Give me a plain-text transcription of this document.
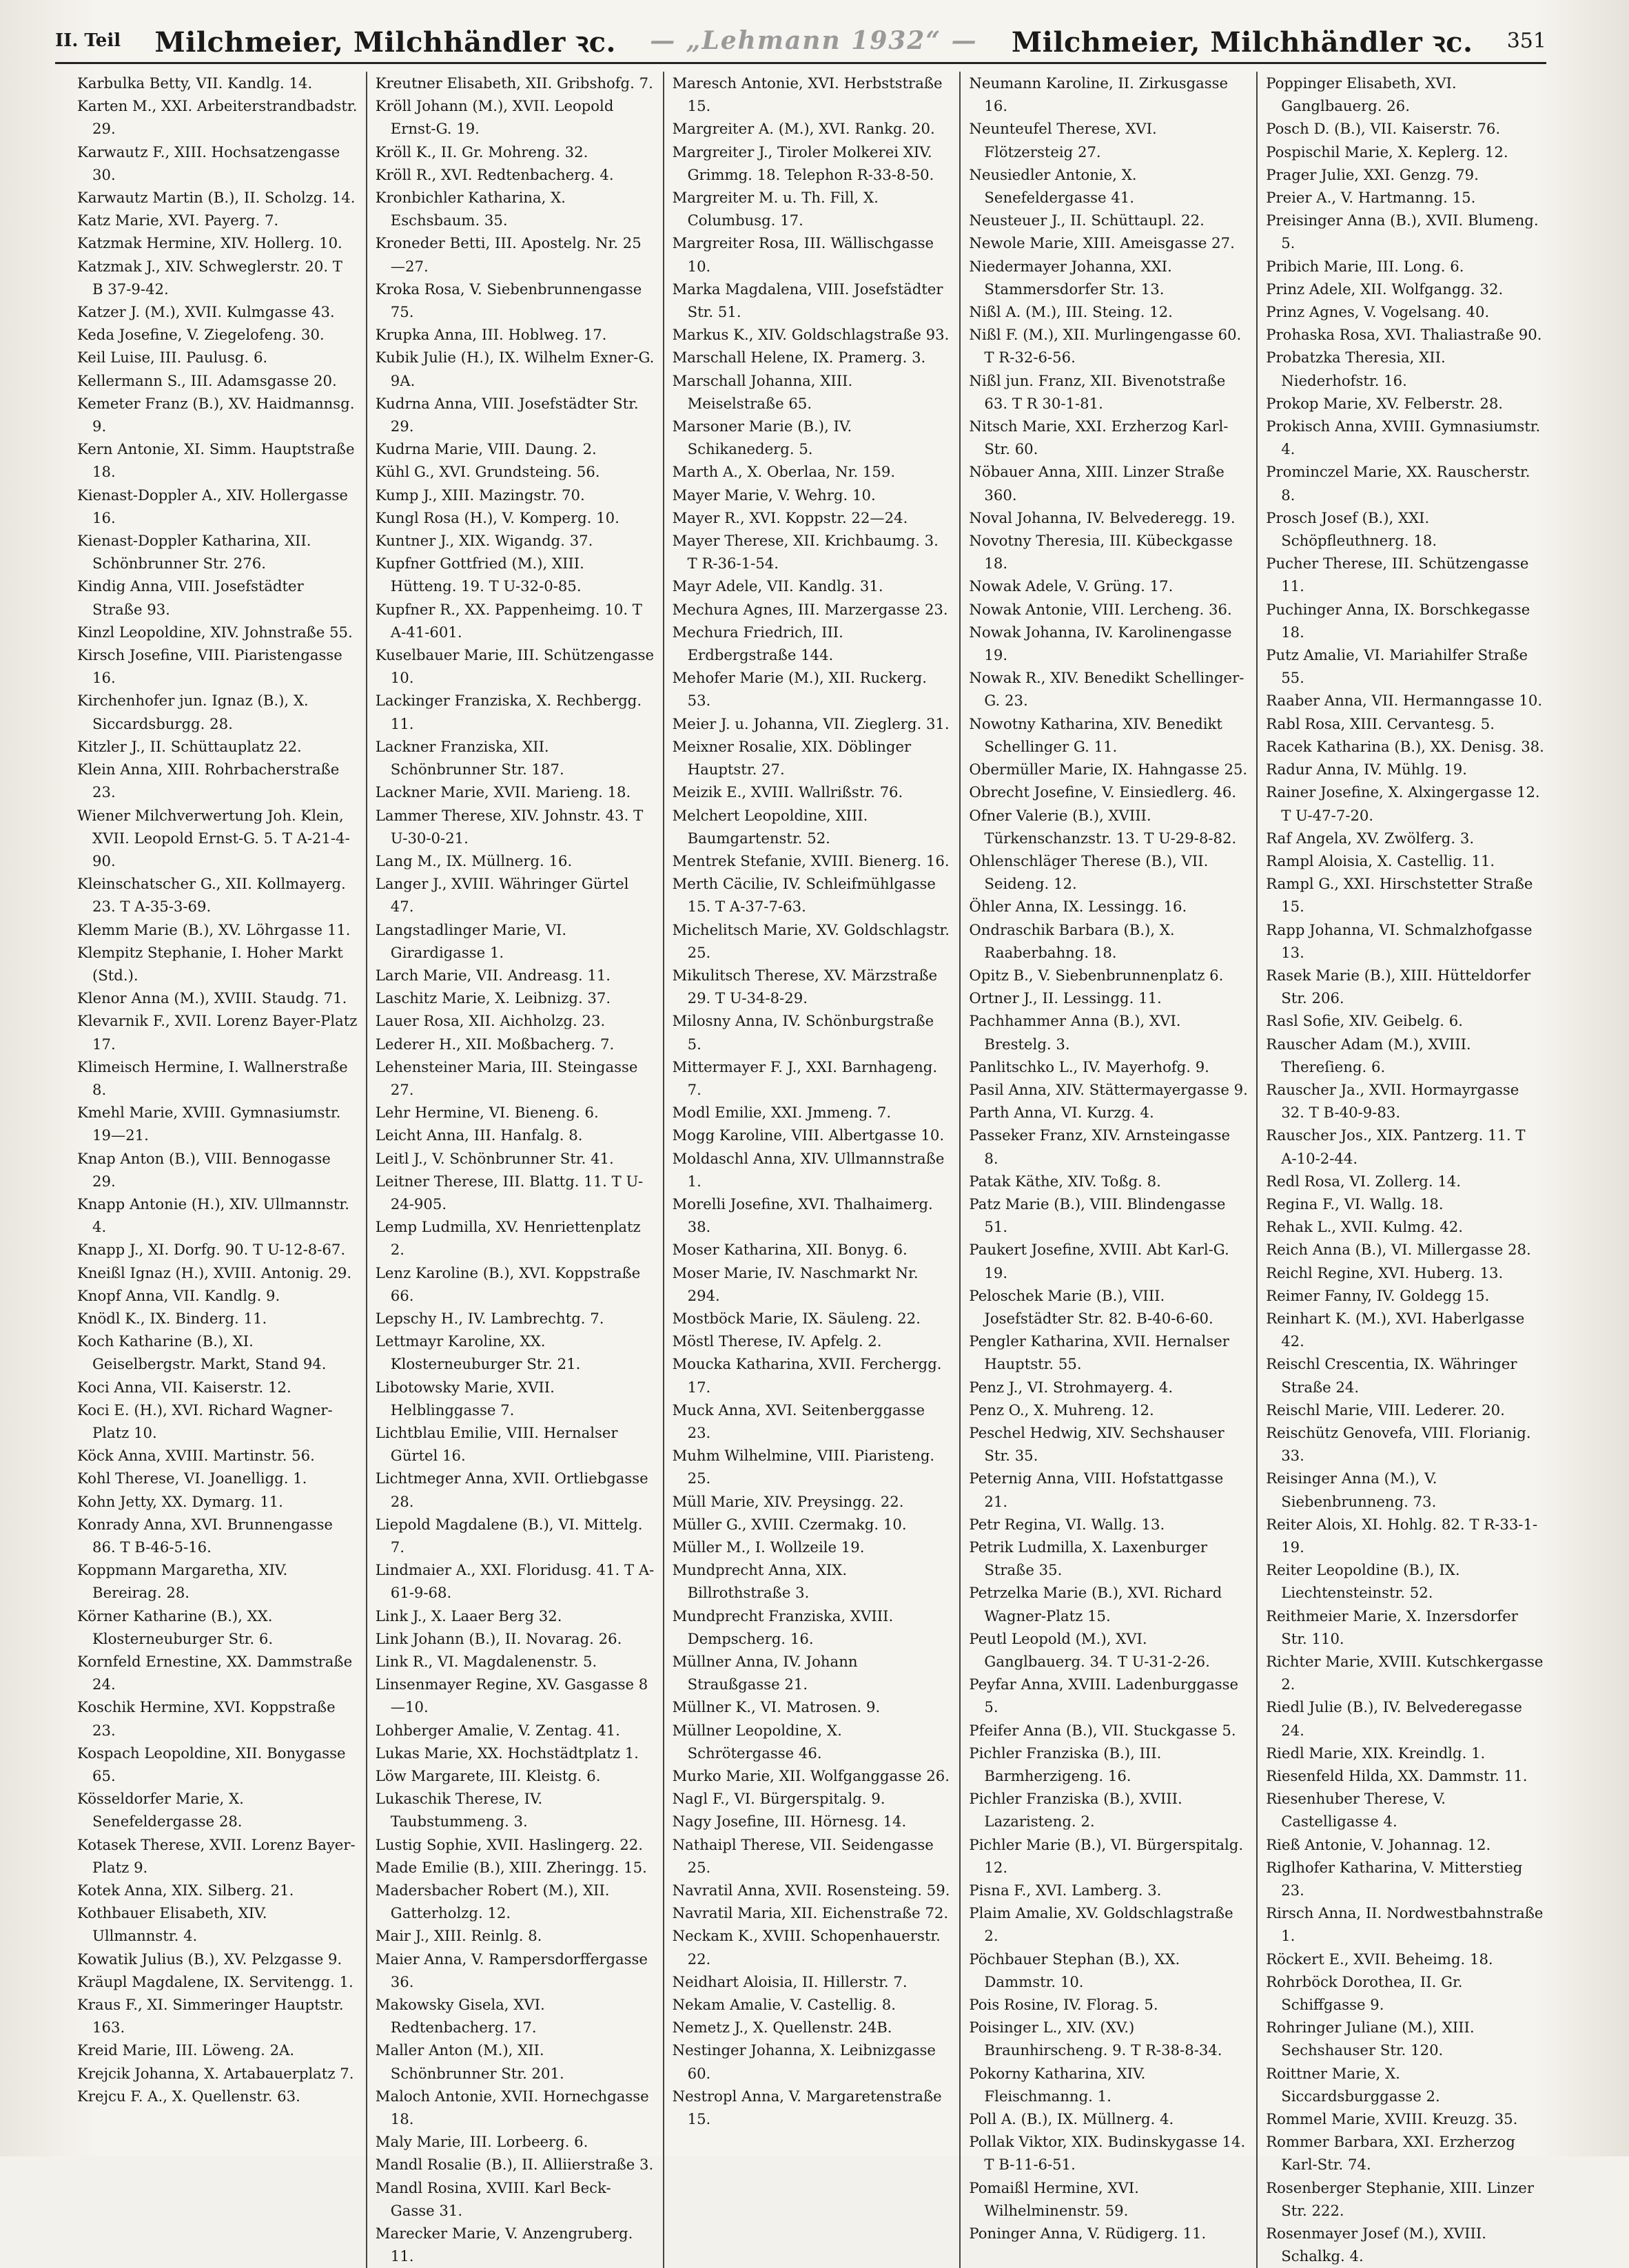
II. Teil Milchmeier, Milchhändler ꝛc. — „Lehmann 1932“ — Milchmeier, Milchhändler ꝛc. 351

Karbulka Betty, VII. Kandlg. 14.

Karten M., XXI. Arbeiterstrandbadstr. 29.

Karwautz F., XIII. Hochsatzengasse 30.

Karwautz Martin (B.), II. Scholzg. 14.

Katz Marie, XVI. Payerg. 7.

Katzmak Hermine, XIV. Hollerg. 10.

Katzmak J., XIV. Schweglerstr. 20. T B 37-9-42.

Katzer J. (M.), XVII. Kulmgasse 43.

Keda Josefine, V. Ziegelofeng. 30.

Keil Luise, III. Paulusg. 6.

Kellermann S., III. Adamsgasse 20.

Kemeter Franz (B.), XV. Haidmannsg. 9.

Kern Antonie, XI. Simm. Hauptstraße 18.

Kienast-Doppler A., XIV. Hollergasse 16.

Kienast-Doppler Katharina, XII. Schönbrunner Str. 276.

Kindig Anna, VIII. Josefstädter Straße 93.

Kinzl Leopoldine, XIV. Johnstraße 55.

Kirsch Josefine, VIII. Piaristengasse 16.

Kirchenhofer jun. Ignaz (B.), X. Siccardsburgg. 28.

Kitzler J., II. Schüttauplatz 22.

Klein Anna, XIII. Rohrbacherstraße 23.

Wiener Milchverwertung Joh. Klein, XVII. Leopold Ernst-G. 5. T A-21-4-90.

Kleinschatscher G., XII. Kollmayerg. 23. T A-35-3-69.

Klemm Marie (B.), XV. Löhrgasse 11.

Klempitz Stephanie, I. Hoher Markt (Std.).

Klenor Anna (M.), XVIII. Staudg. 71.

Klevarnik F., XVII. Lorenz Bayer-Platz 17.

Klimeisch Hermine, I. Wallnerstraße 8.

Kmehl Marie, XVIII. Gymnasiumstr. 19—21.

Knap Anton (B.), VIII. Bennogasse 29.

Knapp Antonie (H.), XIV. Ullmannstr. 4.

Knapp J., XI. Dorfg. 90. T U-12-8-67.

Kneißl Ignaz (H.), XVIII. Antonig. 29.

Knopf Anna, VII. Kandlg. 9.

Knödl K., IX. Binderg. 11.

Koch Katharine (B.), XI. Geiselbergstr. Markt, Stand 94.

Koci Anna, VII. Kaiserstr. 12.

Koci E. (H.), XVI. Richard Wagner-Platz 10.

Köck Anna, XVIII. Martinstr. 56.

Kohl Therese, VI. Joanelligg. 1.

Kohn Jetty, XX. Dymarg. 11.

Konrady Anna, XVI. Brunnengasse 86. T B-46-5-16.

Koppmann Margaretha, XIV. Bereirag. 28.

Körner Katharine (B.), XX. Klosterneuburger Str. 6.

Kornfeld Ernestine, XX. Dammstraße 24.

Koschik Hermine, XVI. Koppstraße 23.

Kospach Leopoldine, XII. Bonygasse 65.

Kösseldorfer Marie, X. Senefeldergasse 28.

Kotasek Therese, XVII. Lorenz Bayer-Platz 9.

Kotek Anna, XIX. Silberg. 21.

Kothbauer Elisabeth, XIV. Ullmannstr. 4.

Kowatik Julius (B.), XV. Pelzgasse 9.

Kräupl Magdalene, IX. Servitengg. 1.

Kraus F., XI. Simmeringer Hauptstr. 163.

Kreid Marie, III. Löweng. 2A.

Krejcik Johanna, X. Artabauerplatz 7.

Krejcu F. A., X. Quellenstr. 63.

Kreutner Elisabeth, XII. Gribshofg. 7.

Kröll Johann (M.), XVII. Leopold Ernst-G. 19.

Kröll K., II. Gr. Mohreng. 32.

Kröll R., XVI. Redtenbacherg. 4.

Kronbichler Katharina, X. Eschsbaum. 35.

Kroneder Betti, III. Apostelg. Nr. 25—27.

Kroka Rosa, V. Siebenbrunnengasse 75.

Krupka Anna, III. Hoblweg. 17.

Kubik Julie (H.), IX. Wilhelm Exner-G. 9A.

Kudrna Anna, VIII. Josefstädter Str. 29.

Kudrna Marie, VIII. Daung. 2.

Kühl G., XVI. Grundsteing. 56.

Kump J., XIII. Mazingstr. 70.

Kungl Rosa (H.), V. Komperg. 10.

Kuntner J., XIX. Wigandg. 37.

Kupfner Gottfried (M.), XIII. Hütteng. 19. T U-32-0-85.

Kupfner R., XX. Pappenheimg. 10. T A-41-601.

Kuselbauer Marie, III. Schützengasse 10.

Lackinger Franziska, X. Rechbergg. 11.

Lackner Franziska, XII. Schönbrunner Str. 187.

Lackner Marie, XVII. Marieng. 18.

Lammer Therese, XIV. Johnstr. 43. T U-30-0-21.

Lang M., IX. Müllnerg. 16.

Langer J., XVIII. Währinger Gürtel 47.

Langstadlinger Marie, VI. Girardigasse 1.

Larch Marie, VII. Andreasg. 11.

Laschitz Marie, X. Leibnizg. 37.

Lauer Rosa, XII. Aichholzg. 23.

Lederer H., XII. Moßbacherg. 7.

Lehensteiner Maria, III. Steingasse 27.

Lehr Hermine, VI. Bieneng. 6.

Leicht Anna, III. Hanfalg. 8.

Leitl J., V. Schönbrunner Str. 41.

Leitner Therese, III. Blattg. 11. T U-24-905.

Lemp Ludmilla, XV. Henriettenplatz 2.

Lenz Karoline (B.), XVI. Koppstraße 66.

Lepschy H., IV. Lambrechtg. 7.

Lettmayr Karoline, XX. Klosterneuburger Str. 21.

Libotowsky Marie, XVII. Helblinggasse 7.

Lichtblau Emilie, VIII. Hernalser Gürtel 16.

Lichtmeger Anna, XVII. Ortliebgasse 28.

Liepold Magdalene (B.), VI. Mittelg. 7.

Lindmaier A., XXI. Floridusg. 41. T A-61-9-68.

Link J., X. Laaer Berg 32.

Link Johann (B.), II. Novarag. 26.

Link R., VI. Magdalenenstr. 5.

Linsenmayer Regine, XV. Gasgasse 8—10.

Lohberger Amalie, V. Zentag. 41.

Lukas Marie, XX. Hochstädtplatz 1.

Löw Margarete, III. Kleistg. 6.

Lukaschik Therese, IV. Taubstummeng. 3.

Lustig Sophie, XVII. Haslingerg. 22.

Made Emilie (B.), XIII. Zheringg. 15.

Madersbacher Robert (M.), XII. Gatterholzg. 12.

Mair J., XIII. Reinlg. 8.

Maier Anna, V. Rampersdorffergasse 36.

Makowsky Gisela, XVI. Redtenbacherg. 17.

Maller Anton (M.), XII. Schönbrunner Str. 201.

Maloch Antonie, XVII. Hornechgasse 18.

Maly Marie, III. Lorbeerg. 6.

Mandl Rosalie (B.), II. Alliierstraße 3.

Mandl Rosina, XVIII. Karl Beck-Gasse 31.

Marecker Marie, V. Anzengruberg. 11.

Maresch Antonie, XVI. Herbststraße 15.

Margreiter A. (M.), XVI. Rankg. 20.

Margreiter J., Tiroler Molkerei XIV. Grimmg. 18. Telephon R-33-8-50.

Margreiter M. u. Th. Fill, X. Columbusg. 17.

Margreiter Rosa, III. Wällischgasse 10.

Marka Magdalena, VIII. Josefstädter Str. 51.

Markus K., XIV. Goldschlagstraße 93.

Marschall Helene, IX. Pramerg. 3.

Marschall Johanna, XIII. Meiselstraße 65.

Marsoner Marie (B.), IV. Schikanederg. 5.

Marth A., X. Oberlaa, Nr. 159.

Mayer Marie, V. Wehrg. 10.

Mayer R., XVI. Koppstr. 22—24.

Mayer Therese, XII. Krichbaumg. 3. T R-36-1-54.

Mayr Adele, VII. Kandlg. 31.

Mechura Agnes, III. Marzergasse 23.

Mechura Friedrich, III. Erdbergstraße 144.

Mehofer Marie (M.), XII. Ruckerg. 53.

Meier J. u. Johanna, VII. Zieglerg. 31.

Meixner Rosalie, XIX. Döblinger Hauptstr. 27.

Meizik E., XVIII. Wallrißstr. 76.

Melchert Leopoldine, XIII. Baumgartenstr. 52.

Mentrek Stefanie, XVIII. Bienerg. 16.

Merth Cäcilie, IV. Schleifmühlgasse 15. T A-37-7-63.

Michelitsch Marie, XV. Goldschlagstr. 25.

Mikulitsch Therese, XV. Märzstraße 29. T U-34-8-29.

Milosny Anna, IV. Schönburgstraße 5.

Mittermayer F. J., XXI. Barnhageng. 7.

Modl Emilie, XXI. Jmmeng. 7.

Mogg Karoline, VIII. Albertgasse 10.

Moldaschl Anna, XIV. Ullmannstraße 1.

Morelli Josefine, XVI. Thalhaimerg. 38.

Moser Katharina, XII. Bonyg. 6.

Moser Marie, IV. Naschmarkt Nr. 294.

Mostböck Marie, IX. Säuleng. 22.

Möstl Therese, IV. Apfelg. 2.

Moucka Katharina, XVII. Ferchergg. 17.

Muck Anna, XVI. Seitenberggasse 23.

Muhm Wilhelmine, VIII. Piaristeng. 25.

Müll Marie, XIV. Preysingg. 22.

Müller G., XVIII. Czermakg. 10.

Müller M., I. Wollzeile 19.

Mundprecht Anna, XIX. Billrothstraße 3.

Mundprecht Franziska, XVIII. Dempscherg. 16.

Müllner Anna, IV. Johann Straußgasse 21.

Müllner K., VI. Matrosen. 9.

Müllner Leopoldine, X. Schrötergasse 46.

Murko Marie, XII. Wolfganggasse 26.

Nagl F., VI. Bürgerspitalg. 9.

Nagy Josefine, III. Hörnesg. 14.

Nathaipl Therese, VII. Seidengasse 25.

Navratil Anna, XVII. Rosensteing. 59.

Navratil Maria, XII. Eichenstraße 72.

Neckam K., XVIII. Schopenhauerstr. 22.

Neidhart Aloisia, II. Hillerstr. 7.

Nekam Amalie, V. Castellig. 8.

Nemetz J., X. Quellenstr. 24B.

Nestinger Johanna, X. Leibnizgasse 60.

Nestropl Anna, V. Margaretenstraße 15.

Neumann Karoline, II. Zirkusgasse 16.

Neunteufel Therese, XVI. Flötzersteig 27.

Neusiedler Antonie, X. Senefeldergasse 41.

Neusteuer J., II. Schüttaupl. 22.

Newole Marie, XIII. Ameisgasse 27.

Niedermayer Johanna, XXI. Stammersdorfer Str. 13.

Nißl A. (M.), III. Steing. 12.

Nißl F. (M.), XII. Murlingengasse 60. T R-32-6-56.

Nißl jun. Franz, XII. Bivenotstraße 63. T R 30-1-81.

Nitsch Marie, XXI. Erzherzog Karl-Str. 60.

Nöbauer Anna, XIII. Linzer Straße 360.

Noval Johanna, IV. Belvederegg. 19.

Novotny Theresia, III. Kübeckgasse 18.

Nowak Adele, V. Grüng. 17.

Nowak Antonie, VIII. Lercheng. 36.

Nowak Johanna, IV. Karolinengasse 19.

Nowak R., XIV. Benedikt Schellinger-G. 23.

Nowotny Katharina, XIV. Benedikt Schellinger G. 11.

Obermüller Marie, IX. Hahngasse 25.

Obrecht Josefine, V. Einsiedlerg. 46.

Ofner Valerie (B.), XVIII. Türkenschanzstr. 13. T U-29-8-82.

Ohlenschläger Therese (B.), VII. Seideng. 12.

Öhler Anna, IX. Lessingg. 16.

Ondraschik Barbara (B.), X. Raaberbahng. 18.

Opitz B., V. Siebenbrunnenplatz 6.

Ortner J., II. Lessingg. 11.

Pachhammer Anna (B.), XVI. Brestelg. 3.

Panlitschko L., IV. Mayerhofg. 9.

Pasil Anna, XIV. Stättermayergasse 9.

Parth Anna, VI. Kurzg. 4.

Passeker Franz, XIV. Arnsteingasse 8.

Patak Käthe, XIV. Toßg. 8.

Patz Marie (B.), VIII. Blindengasse 51.

Paukert Josefine, XVIII. Abt Karl-G. 19.

Peloschek Marie (B.), VIII. Josefstädter Str. 82. B-40-6-60.

Pengler Katharina, XVII. Hernalser Hauptstr. 55.

Penz J., VI. Strohmayerg. 4.

Penz O., X. Muhreng. 12.

Peschel Hedwig, XIV. Sechshauser Str. 35.

Peternig Anna, VIII. Hofstattgasse 21.

Petr Regina, VI. Wallg. 13.

Petrik Ludmilla, X. Laxenburger Straße 35.

Petrzelka Marie (B.), XVI. Richard Wagner-Platz 15.

Peutl Leopold (M.), XVI. Ganglbauerg. 34. T U-31-2-26.

Peyfar Anna, XVIII. Ladenburggasse 5.

Pfeifer Anna (B.), VII. Stuckgasse 5.

Pichler Franziska (B.), III. Barmherzigeng. 16.

Pichler Franziska (B.), XVIII. Lazaristeng. 2.

Pichler Marie (B.), VI. Bürgerspitalg. 12.

Pisna F., XVI. Lamberg. 3.

Plaim Amalie, XV. Goldschlagstraße 2.

Pöchbauer Stephan (B.), XX. Dammstr. 10.

Pois Rosine, IV. Florag. 5.

Poisinger L., XIV. (XV.) Braunhirscheng. 9. T R-38-8-34.

Pokorny Katharina, XIV. Fleischmanng. 1.

Poll A. (B.), IX. Müllnerg. 4.

Pollak Viktor, XIX. Budinskygasse 14. T B-11-6-51.

Pomaißl Hermine, XVI. Wilhelminenstr. 59.

Poninger Anna, V. Rüdigerg. 11.

Poppinger Elisabeth, XVI. Ganglbauerg. 26.

Posch D. (B.), VII. Kaiserstr. 76.

Pospischil Marie, X. Keplerg. 12.

Prager Julie, XXI. Genzg. 79.

Preier A., V. Hartmanng. 15.

Preisinger Anna (B.), XVII. Blumeng. 5.

Pribich Marie, III. Long. 6.

Prinz Adele, XII. Wolfgangg. 32.

Prinz Agnes, V. Vogelsang. 40.

Prohaska Rosa, XVI. Thaliastraße 90.

Probatzka Theresia, XII. Niederhofstr. 16.

Prokop Marie, XV. Felberstr. 28.

Prokisch Anna, XVIII. Gymnasiumstr. 4.

Prominczel Marie, XX. Rauscherstr. 8.

Prosch Josef (B.), XXI. Schöpfleuthnerg. 18.

Pucher Therese, III. Schützengasse 11.

Puchinger Anna, IX. Borschkegasse 18.

Putz Amalie, VI. Mariahilfer Straße 55.

Raaber Anna, VII. Hermanngasse 10.

Rabl Rosa, XIII. Cervantesg. 5.

Racek Katharina (B.), XX. Denisg. 38.

Radur Anna, IV. Mühlg. 19.

Rainer Josefine, X. Alxingergasse 12. T U-47-7-20.

Raf Angela, XV. Zwölferg. 3.

Rampl Aloisia, X. Castellig. 11.

Rampl G., XXI. Hirschstetter Straße 15.

Rapp Johanna, VI. Schmalzhofgasse 13.

Rasek Marie (B.), XIII. Hütteldorfer Str. 206.

Rasl Sofie, XIV. Geibelg. 6.

Rauscher Adam (M.), XVIII. Thereſieng. 6.

Rauscher Ja., XVII. Hormayrgasse 32. T B-40-9-83.

Rauscher Jos., XIX. Pantzerg. 11. T A-10-2-44.

Redl Rosa, VI. Zollerg. 14.

Regina F., VI. Wallg. 18.

Rehak L., XVII. Kulmg. 42.

Reich Anna (B.), VI. Millergasse 28.

Reichl Regine, XVI. Huberg. 13.

Reimer Fanny, IV. Goldegg 15.

Reinhart K. (M.), XVI. Haberlgasse 42.

Reischl Crescentia, IX. Währinger Straße 24.

Reischl Marie, VIII. Lederer. 20.

Reischütz Genovefa, VIII. Florianig. 33.

Reisinger Anna (M.), V. Siebenbrunneng. 73.

Reiter Alois, XI. Hohlg. 82. T R-33-1-19.

Reiter Leopoldine (B.), IX. Liechtensteinstr. 52.

Reithmeier Marie, X. Inzersdorfer Str. 110.

Richter Marie, XVIII. Kutschkergasse 2.

Riedl Julie (B.), IV. Belvederegasse 24.

Riedl Marie, XIX. Kreindlg. 1.

Riesenfeld Hilda, XX. Dammstr. 11.

Riesenhuber Therese, V. Castelligasse 4.

Rieß Antonie, V. Johannag. 12.

Riglhofer Katharina, V. Mitterstieg 23.

Rirsch Anna, II. Nordwestbahnstraße 1.

Röckert E., XVII. Beheimg. 18.

Rohrböck Dorothea, II. Gr. Schiffgasse 9.

Rohringer Juliane (M.), XIII. Sechshauser Str. 120.

Roittner Marie, X. Siccardsburggasse 2.

Rommel Marie, XVIII. Kreuzg. 35.

Rommer Barbara, XXI. Erzherzog Karl-Str. 74.

Rosenberger Stephanie, XIII. Linzer Str. 222.

Rosenmayer Josef (M.), XVIII. Schalkg. 4.
